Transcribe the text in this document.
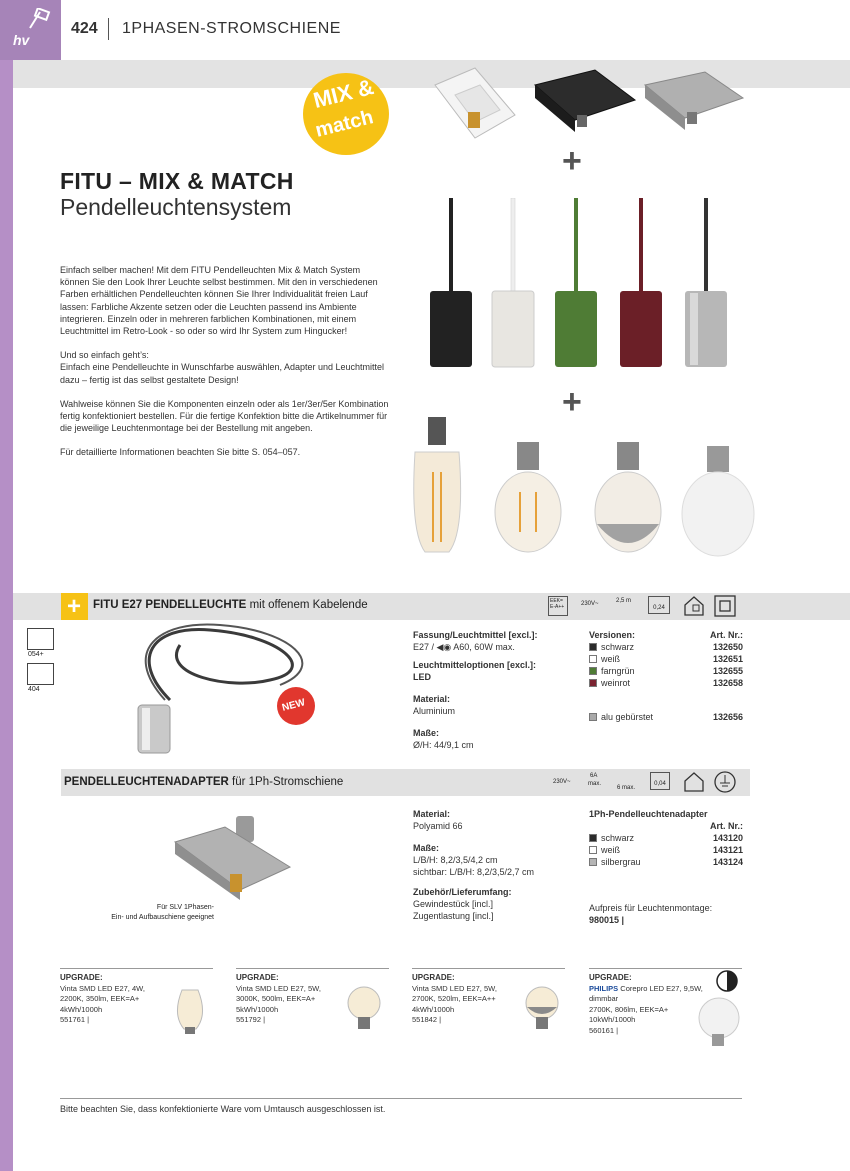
hv
424 1PHASEN-STROMSCHIENE
MIX &
match
+
FITU – MIX & MATCH
Pendelleuchtensystem

Einfach selber machen! Mit dem FITU Pendelleuchten Mix & Match System können Sie den Look Ihrer Leuchte selbst bestimmen. Mit den in verschiedenen Farben erhältlichen Pendelleuchten können Sie Ihrer Individualität freien Lauf lassen: Farbliche Akzente setzen oder die Leuchten passend ins Ambiente integrieren. Einzeln oder in mehreren farblichen Kombinationen, mit einem Leuchtmittel im Retro-Look - so oder so wird Ihr System zum Hingucker!

Und so einfach geht’s:
Einfach eine Pendelleuchte in Wunschfarbe auswählen, Adapter und Leuchtmittel dazu – fertig ist das selbst gestaltete Design!

Wahlweise können Sie die Komponenten einzeln oder als 1er/3er/5er Kombination fertig konfektioniert bestellen. Für die fertige Konfektion bitte die Artikelnummer für die jeweilige Leuchtenmontage bei der Bestellung mit angeben.

Für detaillierte Informationen beachten Sie bitte S. 054–057.

+
+ FITU E27 PENDELLEUCHTE mit offenem Kabelende	EEK= E-A++	230V~	2,5 m
0,24
054+
404
NEW
Fassung/Leuchtmittel [excl.]:
E27 / ◀◉ A60, 60W max.
Leuchtmitteloptionen [excl.]:
LED
Material:
Aluminium
Maße:
Ø/H: 44/9,1 cm
Versionen:	Art. Nr.:
schwarz	132650
weiß	132651
farngrün	132655
weinrot	132658
alu gebürstet	132656
PENDELLEUCHTENADAPTER für 1Ph-Stromschiene	230V~
6A
max.
6 max.
0,04
Für SLV 1Phasen-
Ein- und Aufbauschiene geeignet
Material:
Polyamid 66
Maße:
L/B/H: 8,2/3,5/4,2 cm
sichtbar: L/B/H: 8,2/3,5/2,7 cm
Zubehör/Lieferumfang:
Gewindestück [incl.]
Zugentlastung [incl.]
1Ph-Pendelleuchtenadapter
Art. Nr.:
schwarz	143120
weiß	143121
silbergrau	143124
Aufpreis für Leuchtenmontage:
980015 |
UPGRADE:
Vinta SMD LED E27, 4W,
2200K, 350lm, EEK=A+
4kWh/1000h
551761 |
UPGRADE:
Vinta SMD LED E27, 5W,
3000K, 500lm, EEK=A+
5kWh/1000h
551792 |
UPGRADE:
Vinta SMD LED E27, 5W,
2700K, 520lm, EEK=A++
4kWh/1000h
551842 |
UPGRADE:
PHILIPS Corepro LED E27, 9,5W,
dimmbar
2700K, 806lm, EEK=A+
10kWh/1000h
560161 |
Bitte beachten Sie, dass konfektionierte Ware vom Umtausch ausgeschlossen ist.
